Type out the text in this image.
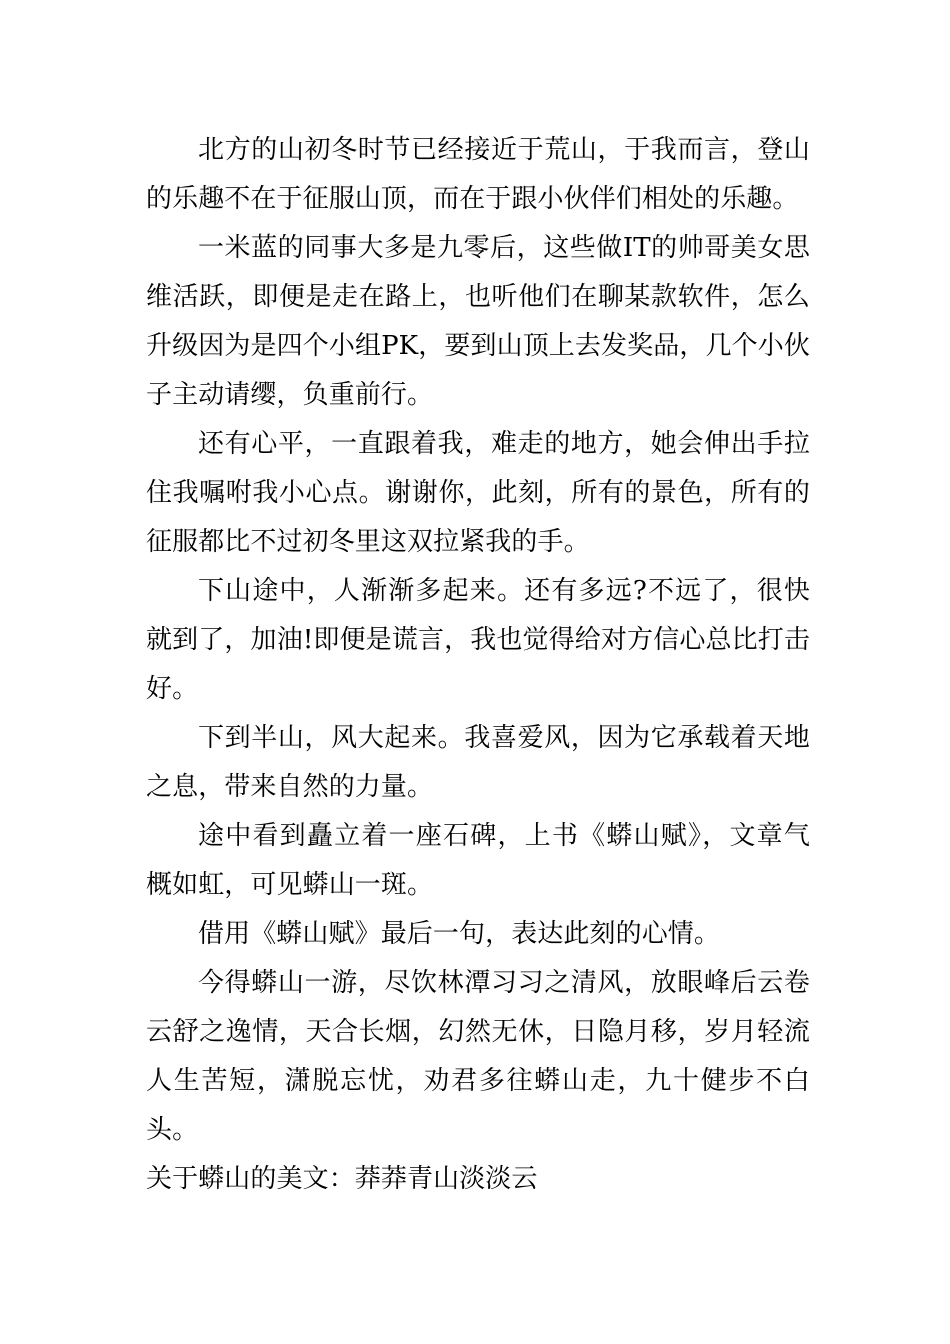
北方的山初冬时节已经接近于荒山，于我而言，登山的乐趣不在于征服山顶，而在于跟小伙伴们相处的乐趣。

一米蓝的同事大多是九零后，这些做IT的帅哥美女思维活跃，即便是走在路上，也听他们在聊某款软件，怎么升级因为是四个小组PK，要到山顶上去发奖品，几个小伙子主动请缨，负重前行。

还有心平，一直跟着我，难走的地方，她会伸出手拉住我嘱咐我小心点。谢谢你，此刻，所有的景色，所有的征服都比不过初冬里这双拉紧我的手。

下山途中，人渐渐多起来。还有多远?不远了，很快就到了，加油!即便是谎言，我也觉得给对方信心总比打击好。

下到半山，风大起来。我喜爱风，因为它承载着天地之息，带来自然的力量。

途中看到矗立着一座石碑，上书《蟒山赋》，文章气概如虹，可见蟒山一斑。

借用《蟒山赋》最后一句，表达此刻的心情。

今得蟒山一游，尽饮林潭习习之清风，放眼峰后云卷云舒之逸情，天合长烟，幻然无休，日隐月移，岁月轻流人生苦短，潇脱忘忧，劝君多往蟒山走，九十健步不白头。

关于蟒山的美文：莽莽青山淡淡云
